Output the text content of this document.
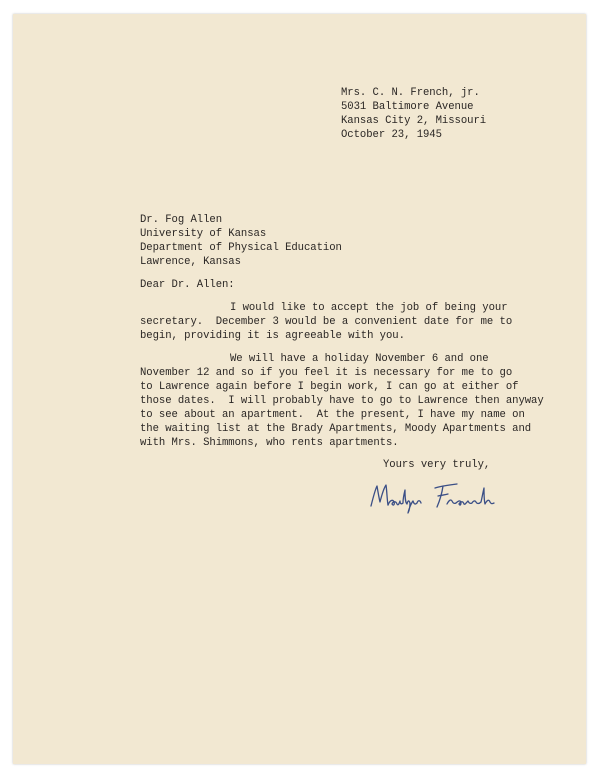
Mrs. C. N. French, jr.
5031 Baltimore Avenue
Kansas City 2, Missouri
October 23, 1945
Dr. Fog Allen
University of Kansas
Department of Physical Education
Lawrence, Kansas
Dear Dr. Allen:
I would like to accept the job of being your
secretary.  December 3 would be a convenient date for me to
begin, providing it is agreeable with you.
We will have a holiday November 6 and one
November 12 and so if you feel it is necessary for me to go
to Lawrence again before I begin work, I can go at either of
those dates.  I will probably have to go to Lawrence then anyway
to see about an apartment.  At the present, I have my name on
the waiting list at the Brady Apartments, Moody Apartments and
with Mrs. Shimmons, who rents apartments.
Yours very truly,
